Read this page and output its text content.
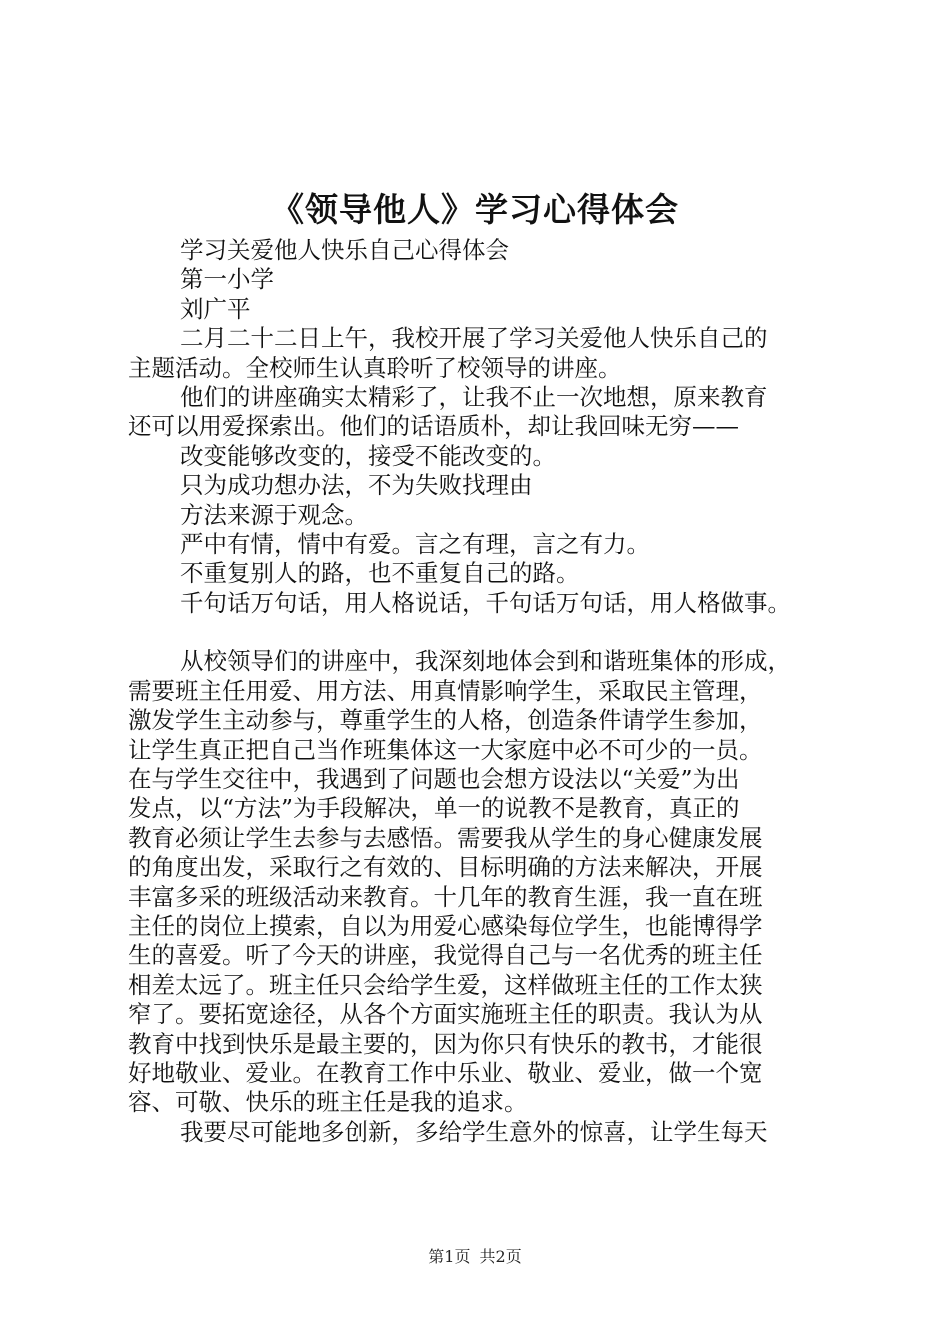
《领导他人》学习心得体会
学习关爱他人快乐自己心得体会
第一小学
刘广平
二月二十二日上午，我校开展了学习关爱他人快乐自己的
主题活动。全校师生认真聆听了校领导的讲座。
他们的讲座确实太精彩了，让我不止一次地想，原来教育
还可以用爱探索出。他们的话语质朴，却让我回味无穷——
改变能够改变的，接受不能改变的。
只为成功想办法，不为失败找理由
方法来源于观念。
严中有情，情中有爱。言之有理，言之有力。
不重复别人的路，也不重复自己的路。
千句话万句话，用人格说话，千句话万句话，用人格做事。
从校领导们的讲座中，我深刻地体会到和谐班集体的形成，
需要班主任用爱、用方法、用真情影响学生，采取民主管理，
激发学生主动参与，尊重学生的人格，创造条件请学生参加，
让学生真正把自己当作班集体这一大家庭中必不可少的一员。
在与学生交往中，我遇到了问题也会想方设法以“关爱”为出
发点，以“方法”为手段解决，单一的说教不是教育，真正的
教育必须让学生去参与去感悟。需要我从学生的身心健康发展
的角度出发，采取行之有效的、目标明确的方法来解决，开展
丰富多采的班级活动来教育。十几年的教育生涯，我一直在班
主任的岗位上摸索，自以为用爱心感染每位学生，也能博得学
生的喜爱。听了今天的讲座，我觉得自己与一名优秀的班主任
相差太远了。班主任只会给学生爱，这样做班主任的工作太狭
窄了。要拓宽途径，从各个方面实施班主任的职责。我认为从
教育中找到快乐是最主要的，因为你只有快乐的教书，才能很
好地敬业、爱业。在教育工作中乐业、敬业、爱业，做一个宽
容、可敬、快乐的班主任是我的追求。
我要尽可能地多创新，多给学生意外的惊喜，让学生每天
第1页 共2页
